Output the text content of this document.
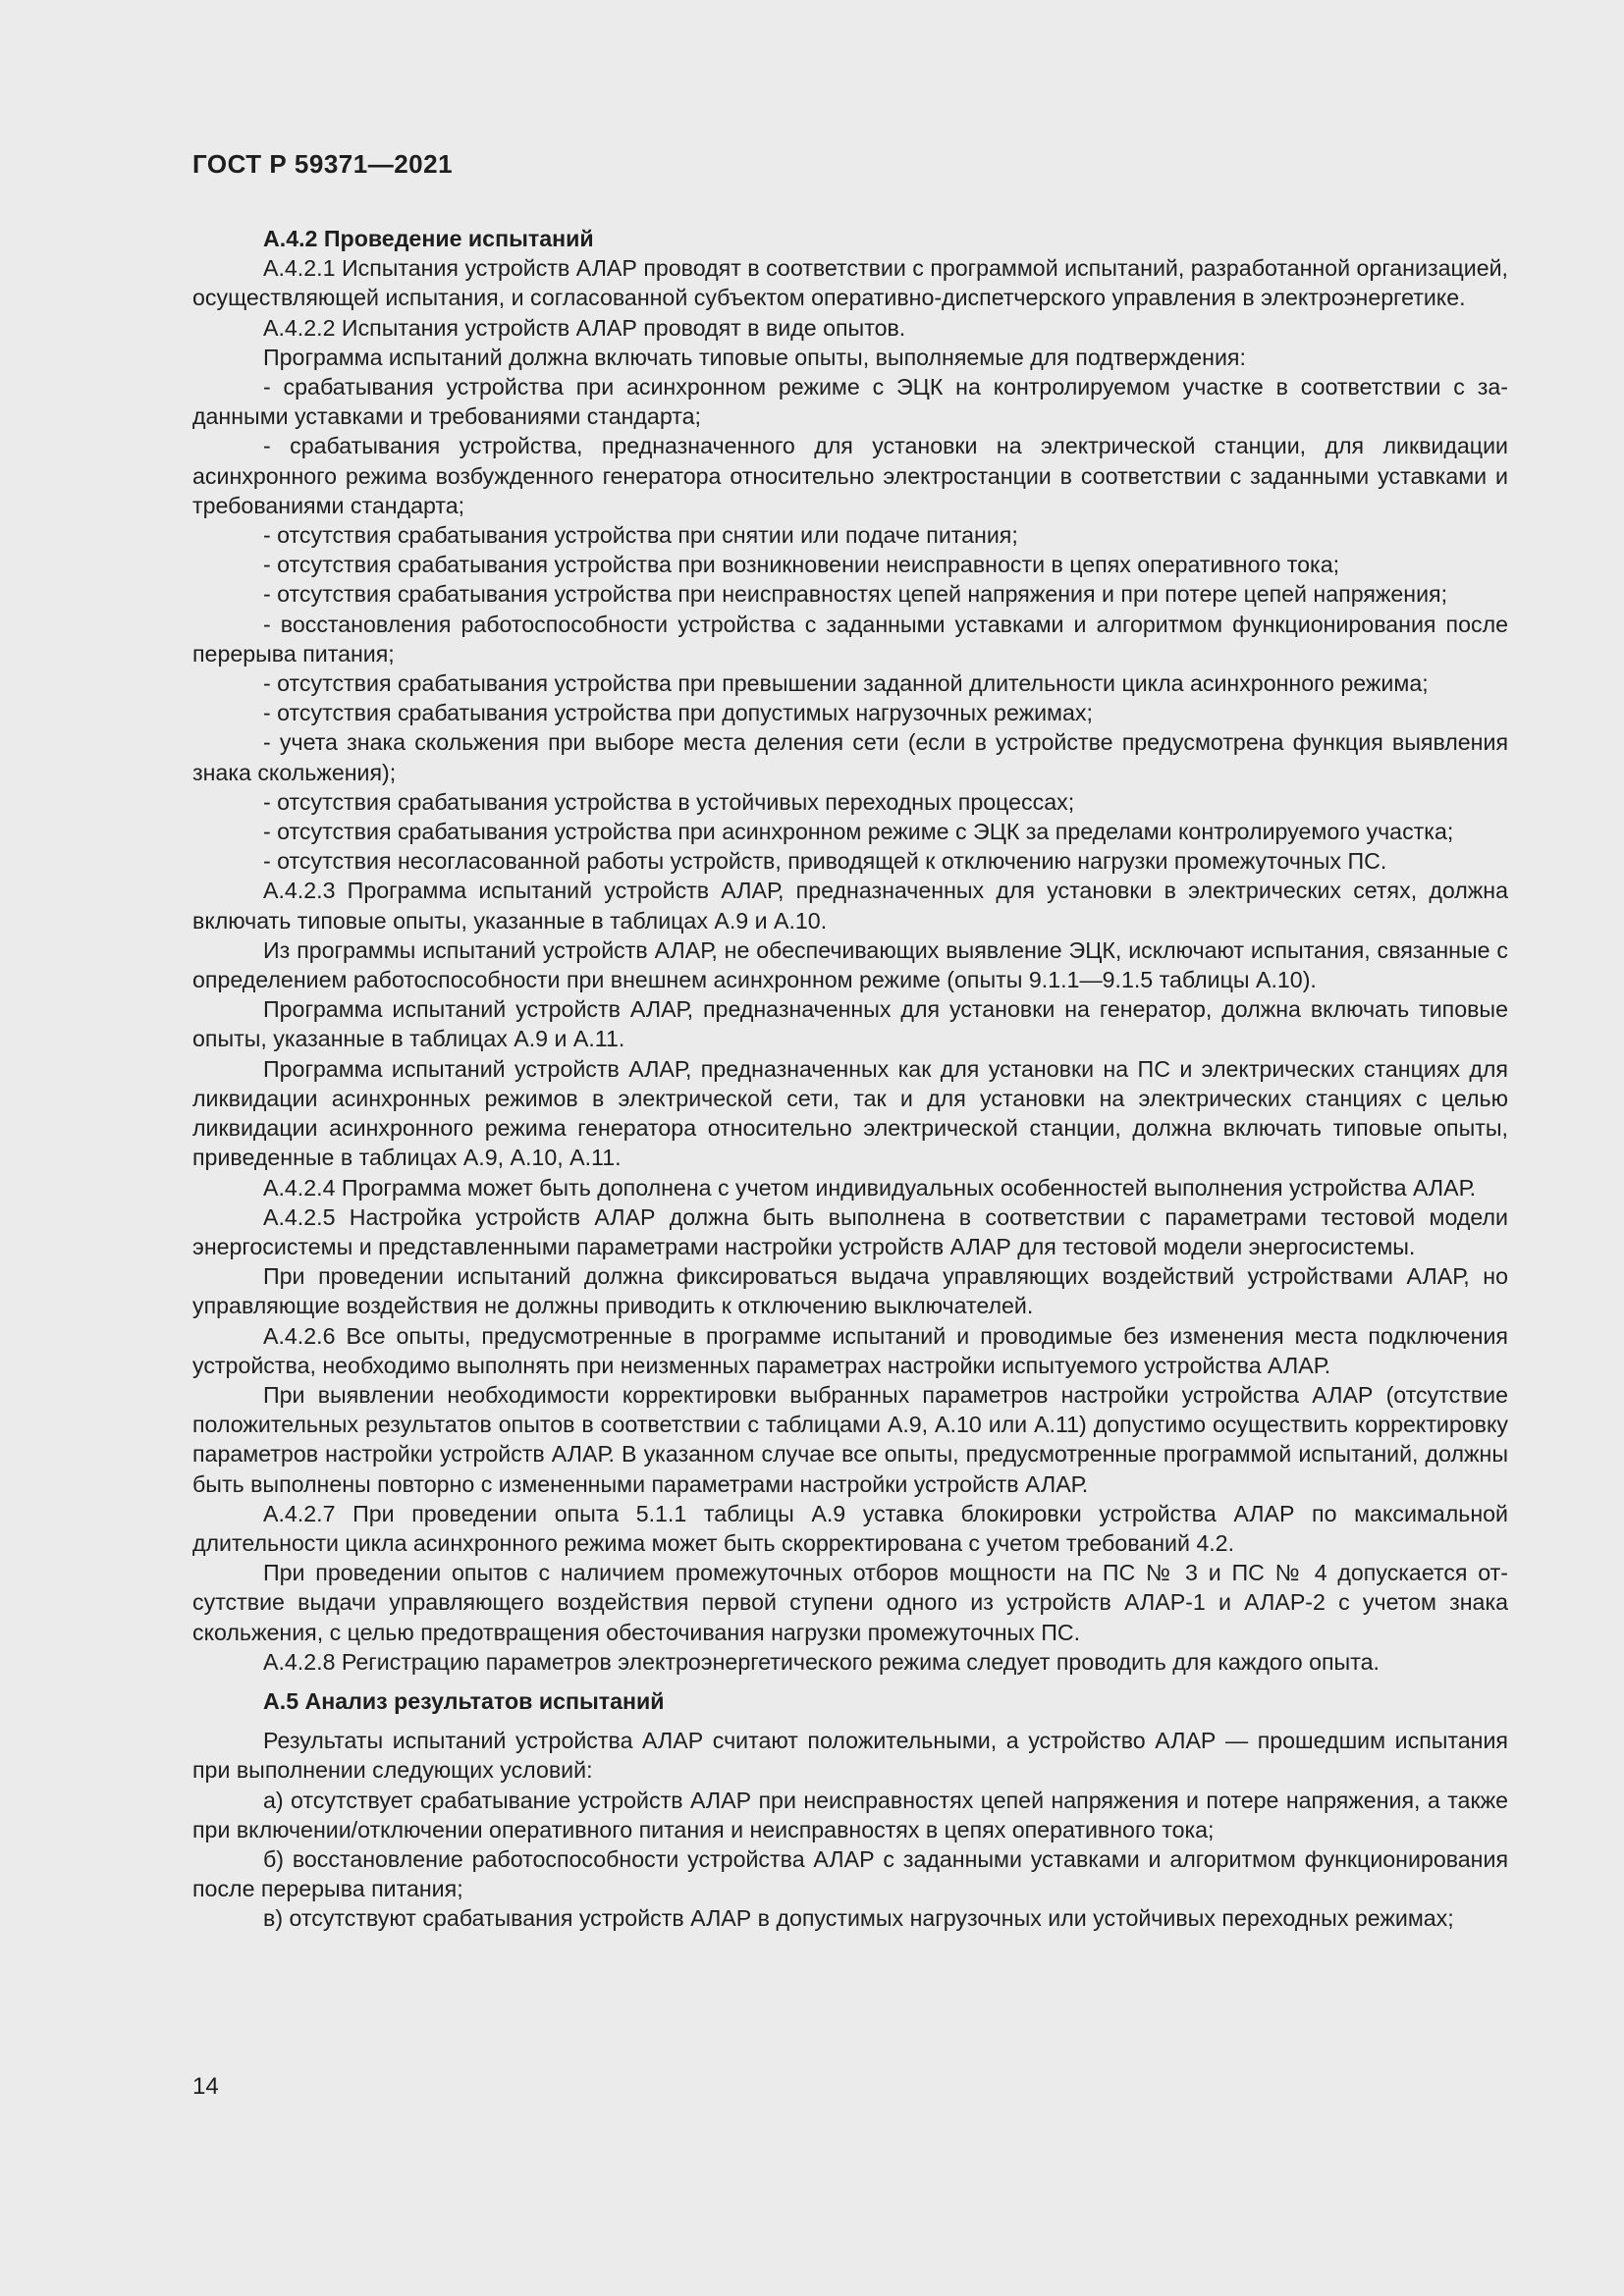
ГОСТ Р 59371—2021

А.4.2 Проведение испытаний

А.4.2.1 Испытания устройств АЛАР проводят в соответствии с программой испытаний, разработанной организацией, осуществляющей испытания, и согласованной субъектом оперативно-диспетчерского управления в электроэнергетике.

А.4.2.2 Испытания устройств АЛАР проводят в виде опытов.

Программа испытаний должна включать типовые опыты, выполняемые для подтверждения:

- срабатывания устройства при асинхронном режиме с ЭЦК на контролируемом участке в соответствии с заданными уставками и требованиями стандарта;

- срабатывания устройства, предназначенного для установки на электрической станции, для ликвидации асинхронного режима возбужденного генератора относительно электростанции в соответствии с заданными уставками и требованиями стандарта;

- отсутствия срабатывания устройства при снятии или подаче питания;

- отсутствия срабатывания устройства при возникновении неисправности в цепях оперативного тока;

- отсутствия срабатывания устройства при неисправностях цепей напряжения и при потере цепей напряжения;

- восстановления работоспособности устройства с заданными уставками и алгоритмом функционирования после перерыва питания;

- отсутствия срабатывания устройства при превышении заданной длительности цикла асинхронного режима;

- отсутствия срабатывания устройства при допустимых нагрузочных режимах;

- учета знака скольжения при выборе места деления сети (если в устройстве предусмотрена функция выявления знака скольжения);

- отсутствия срабатывания устройства в устойчивых переходных процессах;

- отсутствия срабатывания устройства при асинхронном режиме с ЭЦК за пределами контролируемого участка;

- отсутствия несогласованной работы устройств, приводящей к отключению нагрузки промежуточных ПС.

А.4.2.3 Программа испытаний устройств АЛАР, предназначенных для установки в электрических сетях, должна включать типовые опыты, указанные в таблицах А.9 и А.10.

Из программы испытаний устройств АЛАР, не обеспечивающих выявление ЭЦК, исключают испытания, связанные с определением работоспособности при внешнем асинхронном режиме (опыты 9.1.1—9.1.5 таблицы А.10).

Программа испытаний устройств АЛАР, предназначенных для установки на генератор, должна включать типовые опыты, указанные в таблицах А.9 и А.11.

Программа испытаний устройств АЛАР, предназначенных как для установки на ПС и электрических станциях для ликвидации асинхронных режимов в электрической сети, так и для установки на электрических станциях с целью ликвидации асинхронного режима генератора относительно электрической станции, должна включать типовые опыты, приведенные в таблицах А.9, А.10, А.11.

А.4.2.4 Программа может быть дополнена с учетом индивидуальных особенностей выполнения устройства АЛАР.

А.4.2.5 Настройка устройств АЛАР должна быть выполнена в соответствии с параметрами тестовой модели энергосистемы и представленными параметрами настройки устройств АЛАР для тестовой модели энергосистемы.

При проведении испытаний должна фиксироваться выдача управляющих воздействий устройствами АЛАР, но управляющие воздействия не должны приводить к отключению выключателей.

А.4.2.6 Все опыты, предусмотренные в программе испытаний и проводимые без изменения места подключения устройства, необходимо выполнять при неизменных параметрах настройки испытуемого устройства АЛАР.

При выявлении необходимости корректировки выбранных параметров настройки устройства АЛАР (отсутствие положительных результатов опытов в соответствии с таблицами А.9, А.10 или А.11) допустимо осуществить корректировку параметров настройки устройств АЛАР. В указанном случае все опыты, предусмотренные программой испытаний, должны быть выполнены повторно с измененными параметрами настройки устройств АЛАР.

А.4.2.7 При проведении опыта 5.1.1 таблицы А.9 уставка блокировки устройства АЛАР по максимальной длительности цикла асинхронного режима может быть скорректирована с учетом требований 4.2.

При проведении опытов с наличием промежуточных отборов мощности на ПС № 3 и ПС № 4 допускается отсутствие выдачи управляющего воздействия первой ступени одного из устройств АЛАР-1 и АЛАР-2 с учетом знака скольжения, с целью предотвращения обесточивания нагрузки промежуточных ПС.

А.4.2.8 Регистрацию параметров электроэнергетического режима следует проводить для каждого опыта.

А.5 Анализ результатов испытаний

Результаты испытаний устройства АЛАР считают положительными, а устройство АЛАР — прошедшим испытания при выполнении следующих условий:

а) отсутствует срабатывание устройств АЛАР при неисправностях цепей напряжения и потере напряжения, а также при включении/отключении оперативного питания и неисправностях в цепях оперативного тока;

б) восстановление работоспособности устройства АЛАР с заданными уставками и алгоритмом функционирования после перерыва питания;

в) отсутствуют срабатывания устройств АЛАР в допустимых нагрузочных или устойчивых переходных режимах;

14
